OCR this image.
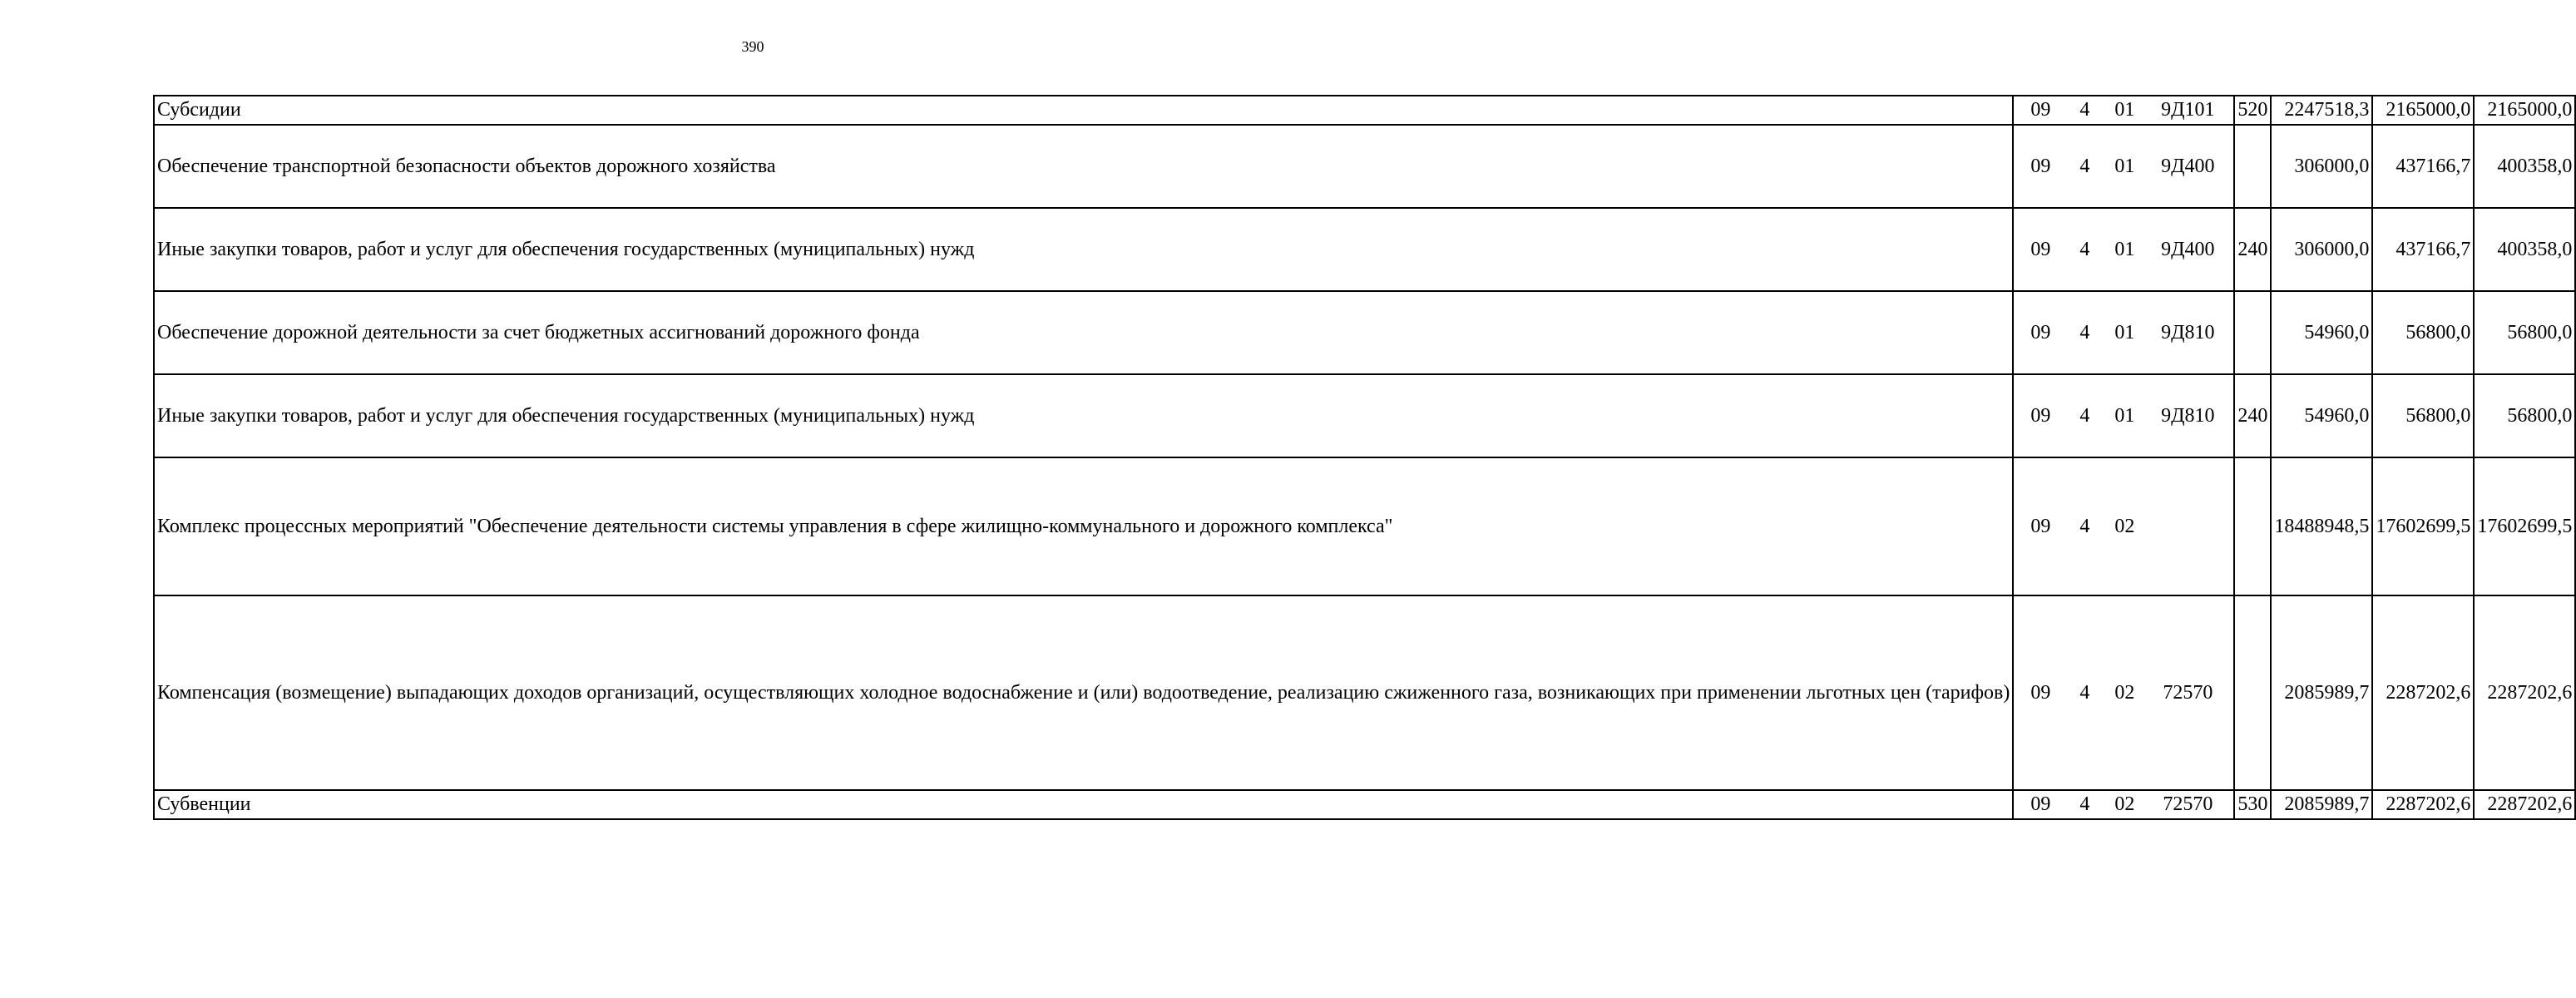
390
Субсидии	09 4 01 9Д101	520	2247518,3	2165000,0	2165000,0
Обеспечение транспортной безопасности объектов дорожного хозяйства	09 4 01 9Д400		306000,0	437166,7	400358,0
Иные закупки товаров, работ и услуг для обеспечения государственных (муниципальных) нужд	09 4 01 9Д400	240	306000,0	437166,7	400358,0
Обеспечение дорожной деятельности за счет бюджетных ассигнований дорожного фонда	09 4 01 9Д810		54960,0	56800,0	56800,0
Иные закупки товаров, работ и услуг для обеспечения государственных (муниципальных) нужд	09 4 01 9Д810	240	54960,0	56800,0	56800,0
Комплекс процессных мероприятий "Обеспечение деятельности системы управления в сфере жилищно-коммунального и дорожного комплекса"	09 4 02		18488948,5	17602699,5	17602699,5
Компенсация (возмещение) выпадающих доходов организаций, осуществляющих холодное водоснабжение и (или) водоотведение, реализацию сжиженного газа, возникающих при применении льготных цен (тарифов)	09 4 02 72570		2085989,7	2287202,6	2287202,6
Субвенции	09 4 02 72570	530	2085989,7	2287202,6	2287202,6
